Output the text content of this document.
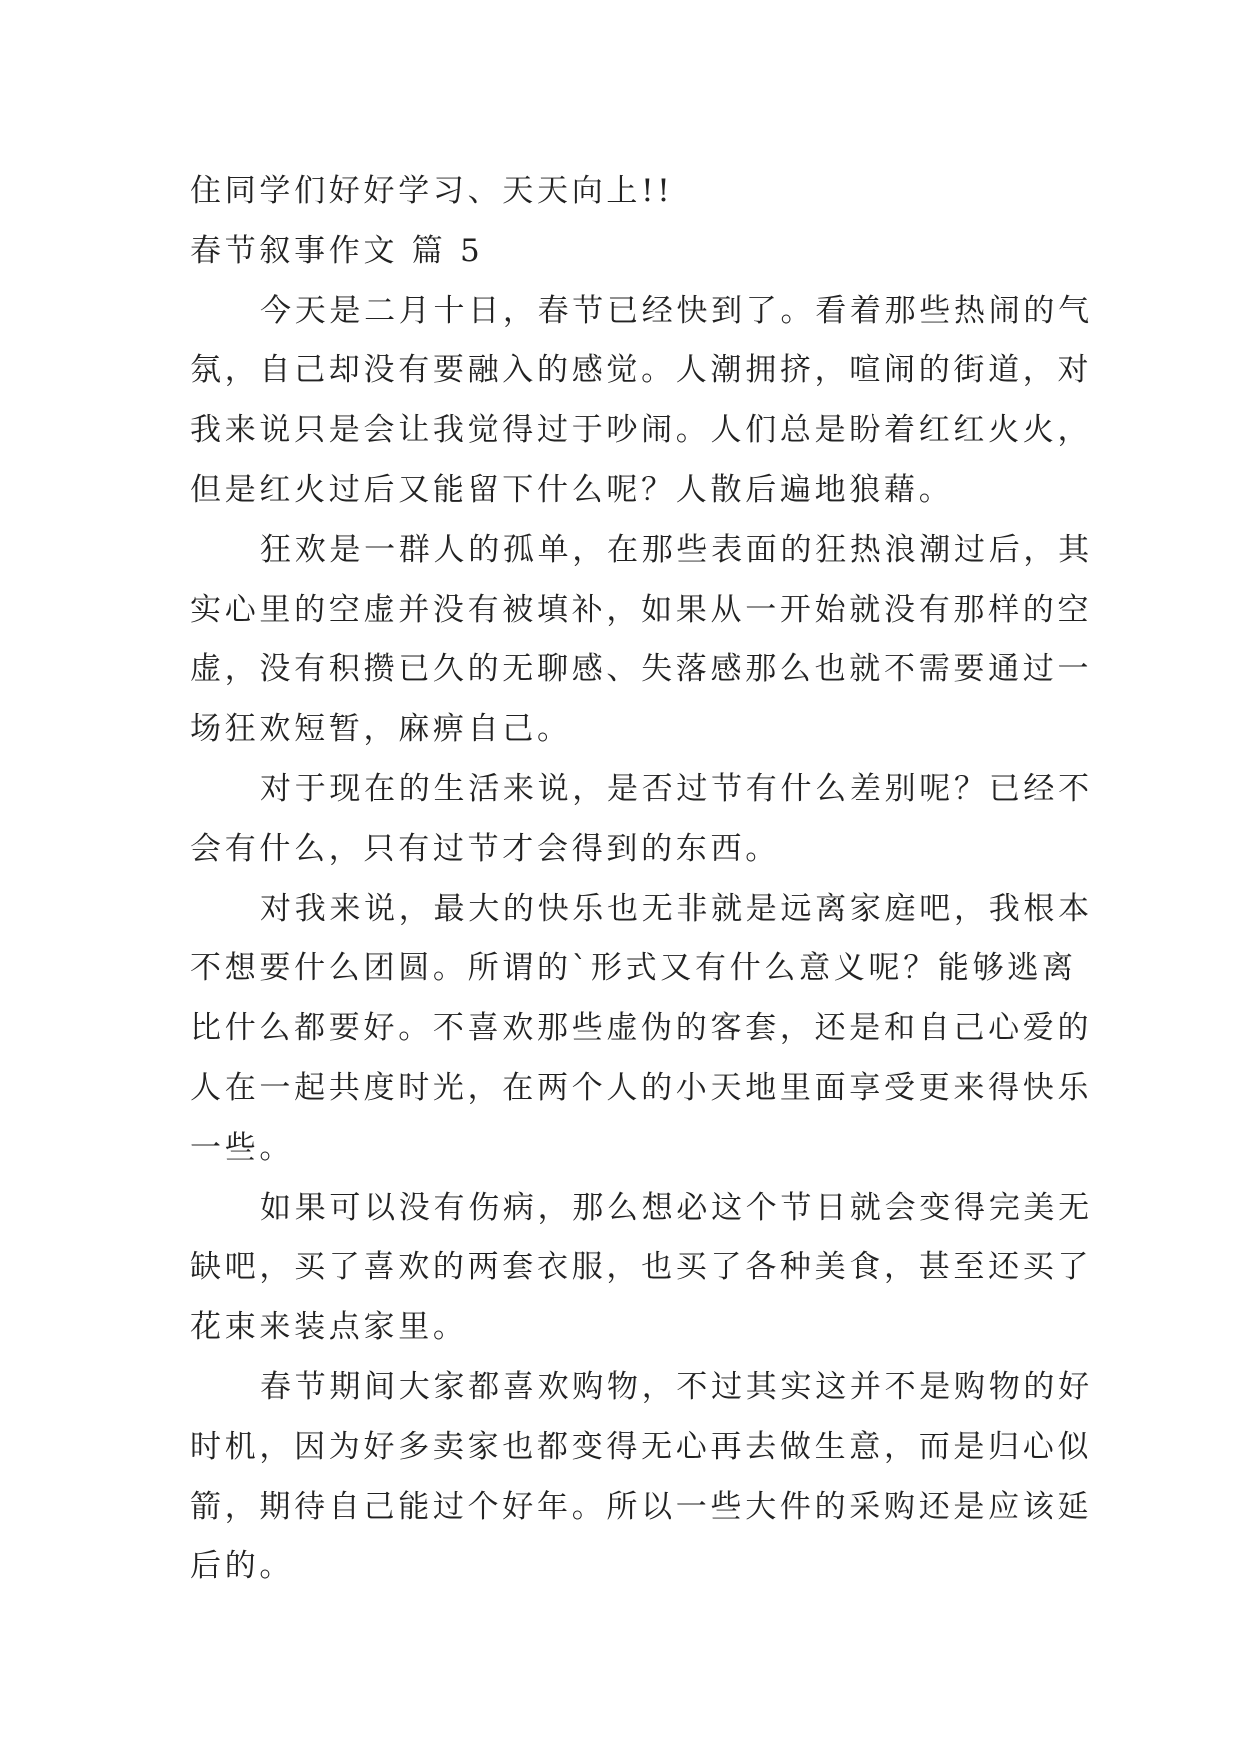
住同学们好好学习、天天向上!!
春节叙事作文 篇 5
今天是二月十日，春节已经快到了。看着那些热闹的气
氛，自己却没有要融入的感觉。人潮拥挤，喧闹的街道，对
我来说只是会让我觉得过于吵闹。人们总是盼着红红火火，
但是红火过后又能留下什么呢？人散后遍地狼藉。
狂欢是一群人的孤单，在那些表面的狂热浪潮过后，其
实心里的空虚并没有被填补，如果从一开始就没有那样的空
虚，没有积攒已久的无聊感、失落感那么也就不需要通过一
场狂欢短暂，麻痹自己。
对于现在的生活来说，是否过节有什么差别呢？已经不
会有什么，只有过节才会得到的东西。
对我来说，最大的快乐也无非就是远离家庭吧，我根本
不想要什么团圆。所谓的`形式又有什么意义呢？能够逃离
比什么都要好。不喜欢那些虚伪的客套，还是和自己心爱的
人在一起共度时光，在两个人的小天地里面享受更来得快乐
一些。
如果可以没有伤病，那么想必这个节日就会变得完美无
缺吧，买了喜欢的两套衣服，也买了各种美食，甚至还买了
花束来装点家里。
春节期间大家都喜欢购物，不过其实这并不是购物的好
时机，因为好多卖家也都变得无心再去做生意，而是归心似
箭，期待自己能过个好年。所以一些大件的采购还是应该延
后的。
